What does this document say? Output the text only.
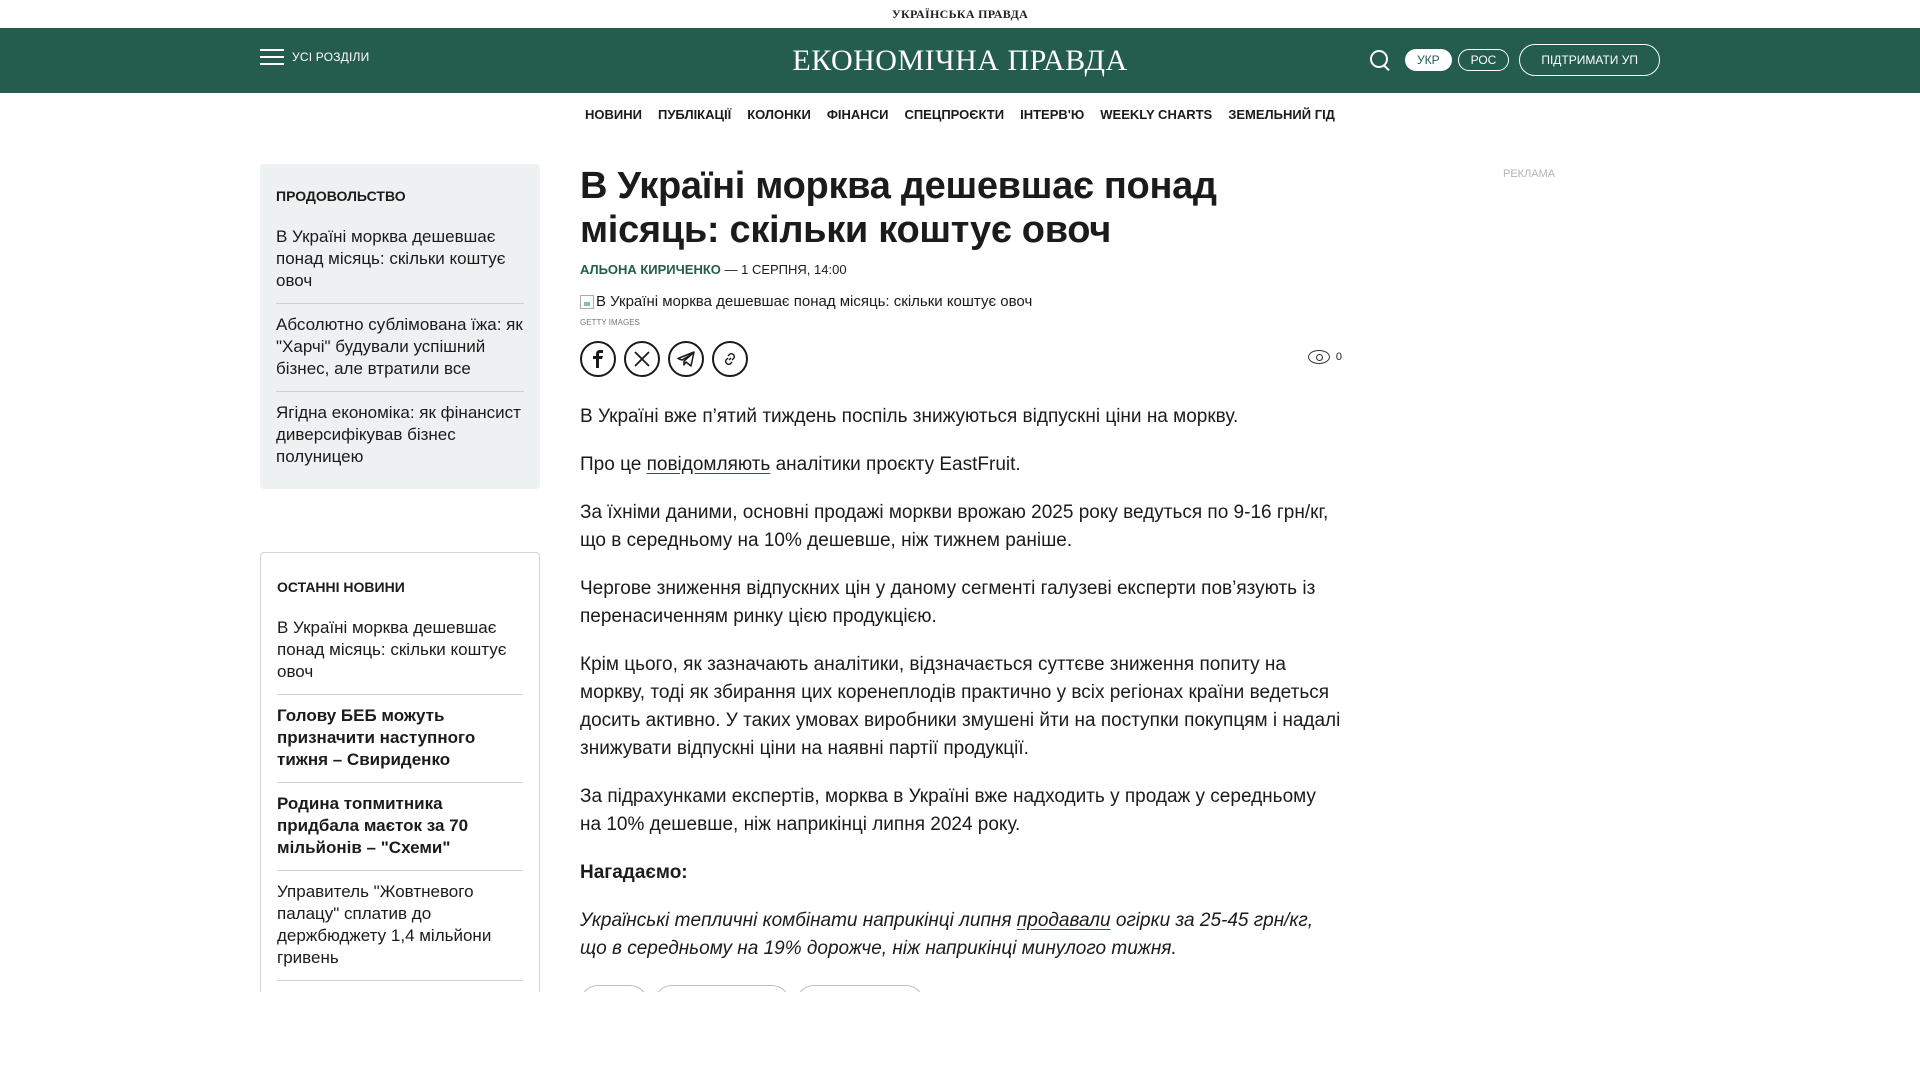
УКРАЇНСЬКА ПРАВДА
УСІ РОЗДІЛИ	ЕКОНОМІЧНА ПРАВДА	УКР	РОС	ПІДТРИМАТИ УП
НОВИНИ ПУБЛІКАЦІЇ КОЛОНКИ ФІНАНСИ СПЕЦПРОЄКТИ ІНТЕРВ'Ю WEEKLY CHARTS ЗЕМЕЛЬНИЙ ГІД
ПРОДОВОЛЬСТВО
В Україні морква дешевшає понад місяць: скільки коштує овоч
Абсолютно сублімована їжа: як "Харчі" будували успішний бізнес, але втратили все
Ягідна економіка: як фінансист диверсифікував бізнес полуницею
ОСТАННІ НОВИНИ
В Україні морква дешевшає понад місяць: скільки коштує овоч
Голову БЕБ можуть призначити наступного тижня – Свириденко
Родина топмитника придбала маєток за 70 мільйонів – "Схеми"
Управитель "Жовтневого палацу" сплатив до держбюджету 1,4 мільйони гривень
В Україні морква дешевшає понад місяць: скільки коштує овоч
АЛЬОНА КИРИЧЕНКО — 1 СЕРПНЯ, 14:00
В Україні морква дешевшає понад місяць: скільки коштує овоч
GETTY IMAGES
0

В Україні вже п’ятий тиждень поспіль знижуються відпускні ціни на моркву.

Про це повідомляють аналітики проєкту EastFruit.

За їхніми даними, основні продажі моркви врожаю 2025 року ведуться по 9-16 грн/кг, що в середньому на 10% дешевше, ніж тижнем раніше.

Чергове зниження відпускних цін у даному сегменті галузеві експерти пов’язують із перенасиченням ринку цією продукцією.

Крім цього, як зазначають аналітики, відзначається суттєве зниження попиту на моркву, тоді як збирання цих коренеплодів практично у всіх регіонах країни ведеться досить активно. У таких умовах виробники змушені йти на поступки покупцям і надалі знижувати відпускні ціни на наявні партії продукції.

За підрахунками експертів, морква в Україні вже надходить у продаж у середньому на 10% дешевше, ніж наприкінці липня 2024 року.

Нагадаємо:

Українські тепличні комбінати наприкінці липня продавали огірки за 25-45 грн/кг, що в середньому на 19% дорожче, ніж наприкінці минулого тижня.

РЕКЛАМА
